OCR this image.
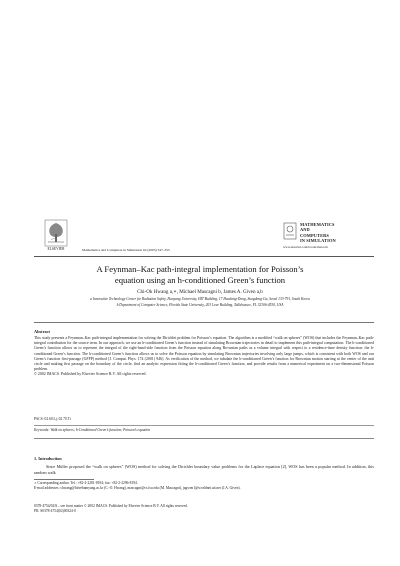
ELSEVIER	Mathematics and Computers in Simulation 62 (2003) 347–355
MATHEMATICS
AND
COMPUTERS
IN SIMULATION
www.elsevier.com/locate/matcom
A Feynman–Kac path-integral implementation for Poisson’s
equation using an h-conditioned Green’s function
Chi-Ok Hwang a,∗, Michael Mascagni b, James A. Given a,b
a Innovative Technology Center for Radiation Safety, Hanyang University, HIT Building, 17 Haedang-Dong, Sungdong-Gu, Seoul 133-791, South Korea
b Department of Computer Science, Florida State University, 203 Love Building, Tallahassee, FL 32306-4530, USA
Abstract
This study presents a Feynman–Kac path-integral implementation for solving the Dirichlet problem for Poisson’s equation. The algorithm is a modified “walk on spheres” (WOS) that includes the Feynman–Kac path-integral contribution for the source term. In our approach, we use an h-conditioned Green’s function instead of simulating Brownian trajectories in detail to implement this path-integral computation. The h-conditioned Green’s function allows us to represent the integral of the right-hand-side function from the Poisson equation along Brownian paths as a volume integral with respect to a residence-time density function: the h-conditioned Green’s function. The h-conditioned Green’s function allows us to solve the Poisson equation by simulating Brownian trajectories involving only large jumps, which is consistent with both WOS and our Green’s function first-passage (GFFP) method [J. Comput. Phys. 174 (2001) 946]. As verification of the method, we tabulate the h-conditioned Green’s function for Brownian motion starting at the center of the unit circle and making first passage on the boundary of the circle, find an analytic expression fitting the h-conditioned Green’s function, and provide results from a numerical experiment on a two-dimensional Poisson problem.
© 2002 IMACS. Published by Elsevier Science B.V. All rights reserved.
PACS: 02.60.Lj; 02.70.Tt
Keywords: Walk on spheres; h-Conditioned Green’s function; Poisson’s equation
1. Introduction
Since Müller proposed the “walk on spheres” (WOS) method for solving the Dirichlet boundary value problems for the Laplace equation [2], WOS has been a popular method. In addition, this random walk
∗ Corresponding author. Tel.: +82-2-2281-8194; fax: +82-2-2296-8194.
E-mail addresses: chwang@hitvebamyang.ac.kr (C.-O. Hwang), mascagni@cs.fsu.edu (M. Mascagni), jagwen1@worldnet.att.net (J.A. Given).
0378-4754/02/$ – see front matter © 2002 IMACS. Published by Elsevier Science B.V. All rights reserved.
PII: S0378-4754(02)00324-0
